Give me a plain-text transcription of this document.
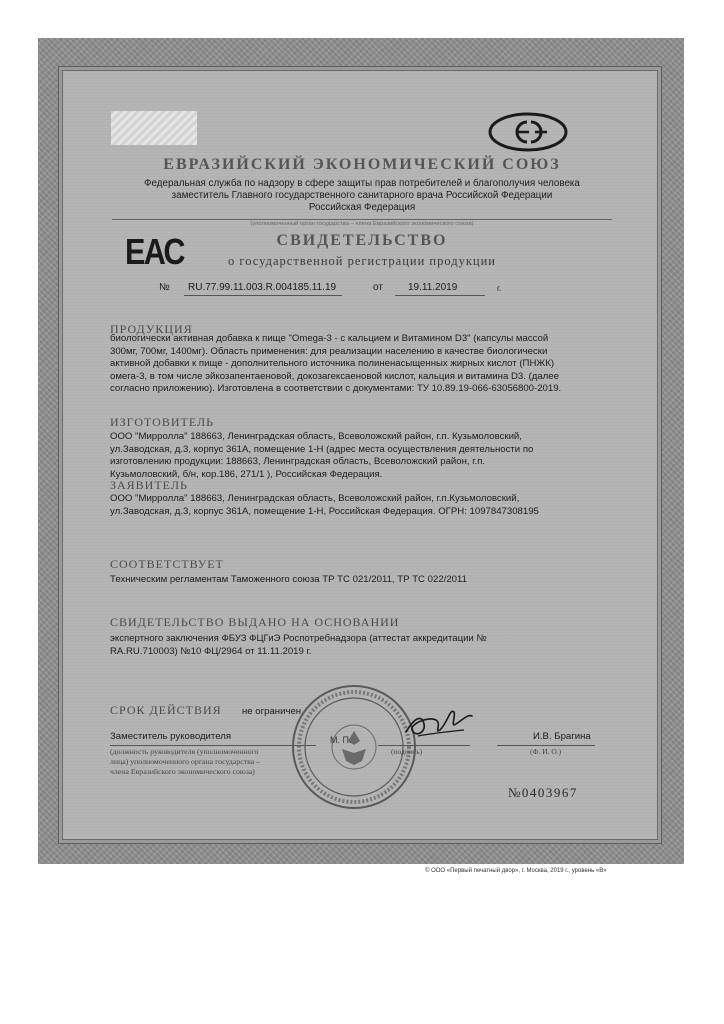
ЕВРАЗИЙСКИЙ ЭКОНОМИЧЕСКИЙ СОЮЗ
Федеральная служба по надзору в сфере защиты прав потребителей и благополучия человека
заместитель Главного государственного санитарного врача Российской Федерации
Российская Федерация
(уполномоченный орган государства – члена Евразийского экономического союза)
ЕАС	СВИДЕТЕЛЬСТВО
о государственной регистрации продукции
№ RU.77.99.11.003.R.004185.11.19	от	19.11.2019	г.
ПРОДУКЦИЯ
биологически активная добавка к пище "Omega-3 - с кальцием и Витамином D3" (капсулы массой
300мг, 700мг, 1400мг). Область применения: для реализации населению в качестве биологически
активной добавки к пище - дополнительного источника полиненасыщенных жирных кислот (ПНЖК)
омега-3, в том числе эйкозапентаеновой, докозагексаеновой кислот, кальция и витамина D3. (далее
согласно приложению). Изготовлена в соответствии с документами: ТУ 10.89.19-066-63056800-2019.
ИЗГОТОВИТЕЛЬ
ООО "Мирролла" 188663, Ленинградская область, Всеволожский район, г.п. Кузьмоловский,
ул.Заводская, д.3, корпус 361А, помещение 1-Н (адрес места осуществления деятельности по
изготовлению продукции: 188663, Ленинградская область, Всеволожский район, г.п.
Кузьмоловский, б/н, кор.186, 271/1 ), Российская Федерация.
ЗАЯВИТЕЛЬ
ООО "Мирролла" 188663, Ленинградская область, Всеволожский район, г.п.Кузьмоловский,
ул.Заводская, д.3, корпус 361А, помещение 1-Н, Российская Федерация. ОГРН: 1097847308195
СООТВЕТСТВУЕТ
Техническим регламентам Таможенного союза ТР ТС 021/2011, ТР ТС 022/2011
СВИДЕТЕЛЬСТВО ВЫДАНО НА ОСНОВАНИИ
экспертного заключения ФБУЗ ФЦГиЭ Роспотребнадзора (аттестат аккредитации №
RA.RU.710003) №10 ФЦ/2964 от 11.11.2019 г.
СРОК ДЕЙСТВИЯ не ограничен
Заместитель руководителя
(должность руководителя (уполномоченного
лица) уполномоченного органа государства –
члена Евразийского экономического союза)
М. П.
(подпись)
И.В. Брагина
(Ф. И. О.)
№0403967
© ООО «Первый печатный двор», г. Москва, 2019 г., уровень «В»
